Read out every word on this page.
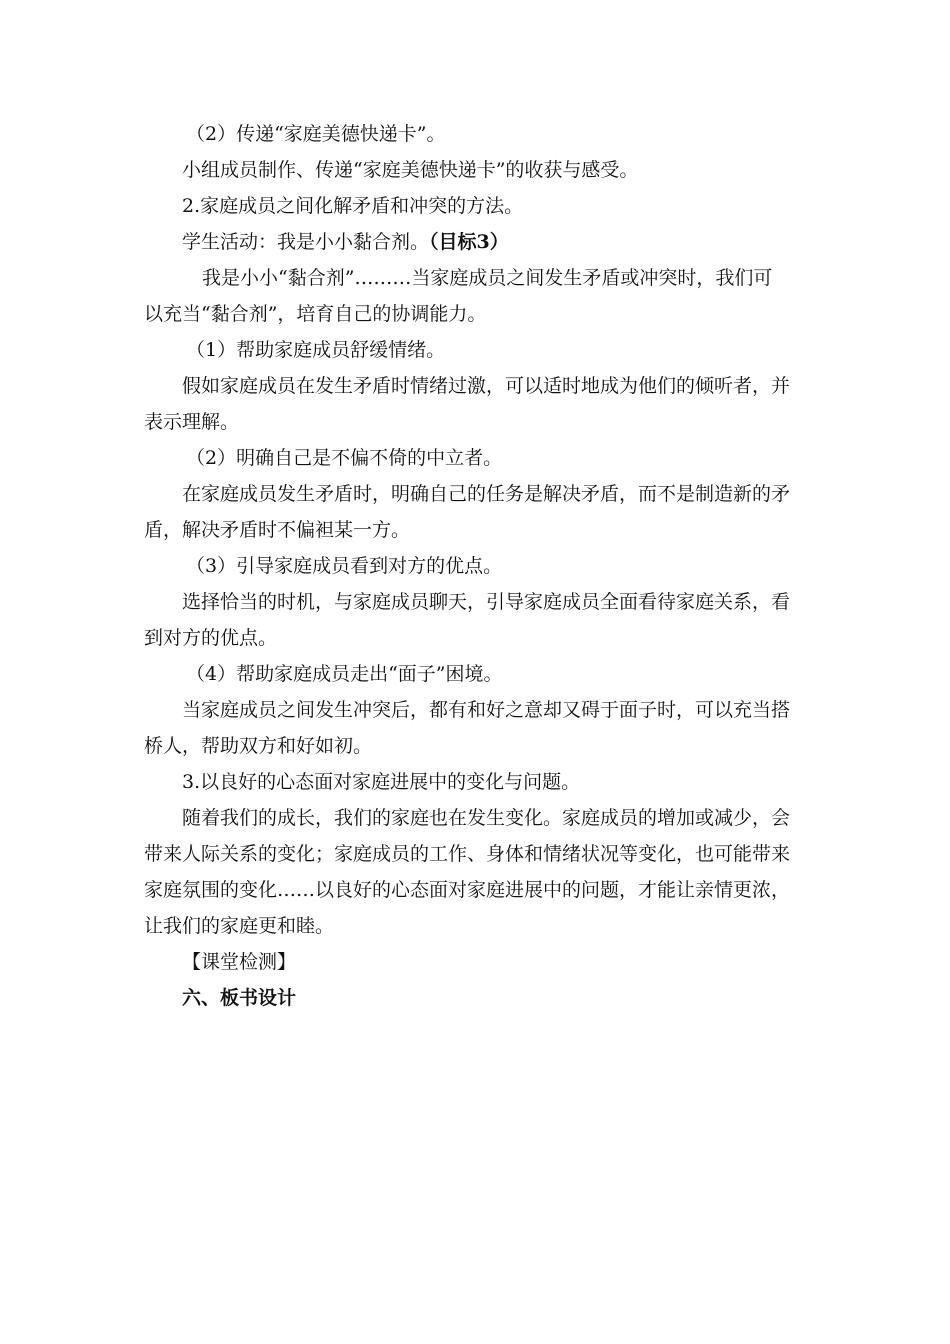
（2）传递“家庭美德快递卡”。
小组成员制作、传递“家庭美德快递卡”的收获与感受。
2.家庭成员之间化解矛盾和冲突的方法。
学生活动：我是小小黏合剂。（目标3）
我是小小“黏合剂”………当家庭成员之间发生矛盾或冲突时，我们可
以充当“黏合剂”，培育自己的协调能力。
（1）帮助家庭成员舒缓情绪。
假如家庭成员在发生矛盾时情绪过激，可以适时地成为他们的倾听者，并
表示理解。
（2）明确自己是不偏不倚的中立者。
在家庭成员发生矛盾时，明确自己的任务是解决矛盾，而不是制造新的矛
盾，解决矛盾时不偏袒某一方。
（3）引导家庭成员看到对方的优点。
选择恰当的时机，与家庭成员聊天，引导家庭成员全面看待家庭关系，看
到对方的优点。
（4）帮助家庭成员走出“面子”困境。
当家庭成员之间发生冲突后，都有和好之意却又碍于面子时，可以充当搭
桥人，帮助双方和好如初。
3.以良好的心态面对家庭进展中的变化与问题。
随着我们的成长，我们的家庭也在发生变化。家庭成员的增加或减少，会
带来人际关系的变化；家庭成员的工作、身体和情绪状况等变化，也可能带来
家庭氛围的变化……以良好的心态面对家庭进展中的问题，才能让亲情更浓，
让我们的家庭更和睦。
【课堂检测】
六、板书设计
